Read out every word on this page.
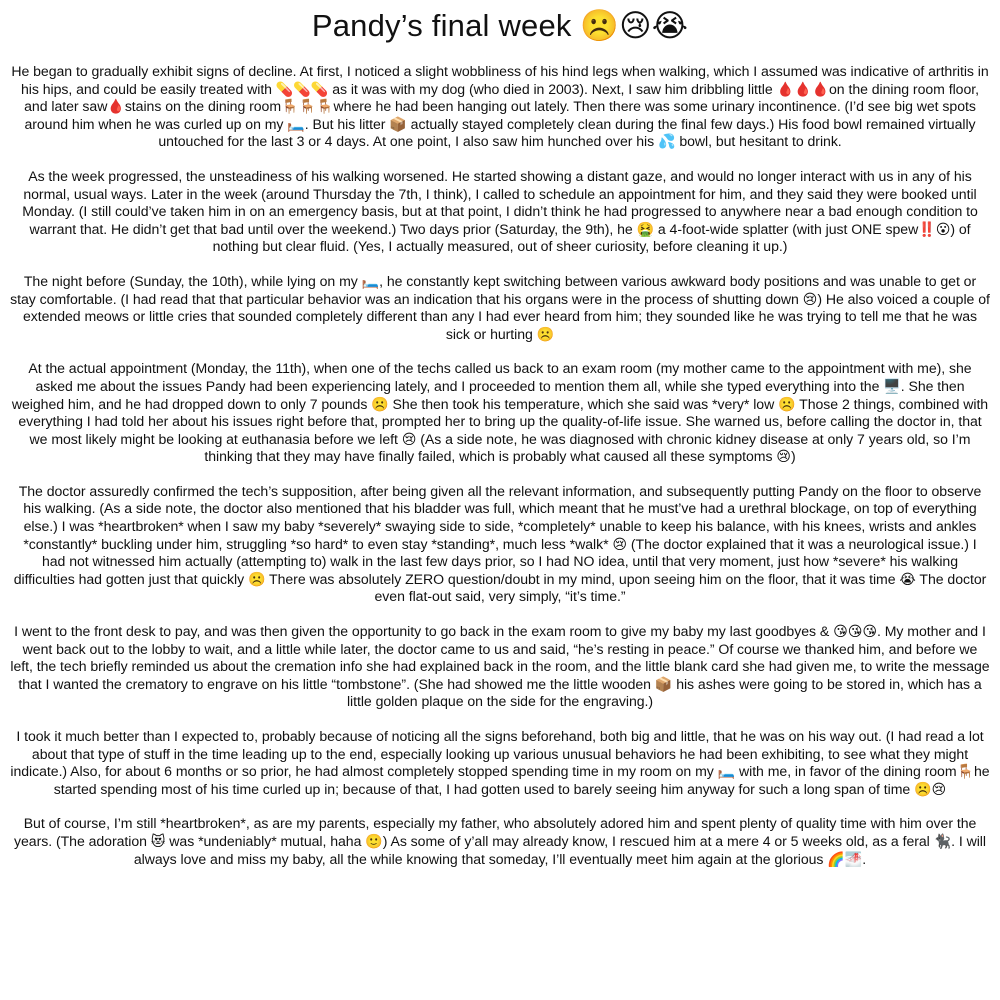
Pandy’s final week ☹️😢😭

He began to gradually exhibit signs of decline. At first, I noticed a slight wobbliness of his hind legs when walking, which I assumed was indicative of arthritis in his hips, and could be easily treated with 💊💊💊 as it was with my dog (who died in 2003). Next, I saw him dribbling little 🩸🩸🩸on the dining room floor, and later saw🩸stains on the dining room🪑🪑🪑where he had been hanging out lately. Then there was some urinary incontinence. (I’d see big wet spots around him when he was curled up on my 🛏️. But his litter 📦 actually stayed completely clean during the final few days.) His food bowl remained virtually untouched for the last 3 or 4 days. At one point, I also saw him hunched over his 💦 bowl, but hesitant to drink.

As the week progressed, the unsteadiness of his walking worsened. He started showing a distant gaze, and would no longer interact with us in any of his normal, usual ways. Later in the week (around Thursday the 7th, I think), I called to schedule an appointment for him, and they said they were booked until Monday. (I still could’ve taken him in on an emergency basis, but at that point, I didn’t think he had progressed to anywhere near a bad enough condition to warrant that. He didn’t get that bad until over the weekend.) Two days prior (Saturday, the 9th), he 🤮 a 4-foot-wide splatter (with just ONE spew‼️😮) of nothing but clear fluid. (Yes, I actually measured, out of sheer curiosity, before cleaning it up.)

The night before (Sunday, the 10th), while lying on my 🛏️, he constantly kept switching between various awkward body positions and was unable to get or stay comfortable. (I had read that that particular behavior was an indication that his organs were in the process of shutting down 😢) He also voiced a couple of extended meows or little cries that sounded completely different than any I had ever heard from him; they sounded like he was trying to tell me that he was sick or hurting ☹️

At the actual appointment (Monday, the 11th), when one of the techs called us back to an exam room (my mother came to the appointment with me), she asked me about the issues Pandy had been experiencing lately, and I proceeded to mention them all, while she typed everything into the 🖥️. She then weighed him, and he had dropped down to only 7 pounds ☹️ She then took his temperature, which she said was *very* low ☹️ Those 2 things, combined with everything I had told her about his issues right before that, prompted her to bring up the quality-of-life issue. She warned us, before calling the doctor in, that we most likely might be looking at euthanasia before we left 😢 (As a side note, he was diagnosed with chronic kidney disease at only 7 years old, so I’m thinking that they may have finally failed, which is probably what caused all these symptoms 😢)

The doctor assuredly confirmed the tech’s supposition, after being given all the relevant information, and subsequently putting Pandy on the floor to observe his walking. (As a side note, the doctor also mentioned that his bladder was full, which meant that he must’ve had a urethral blockage, on top of everything else.) I was *heartbroken* when I saw my baby *severely* swaying side to side, *completely* unable to keep his balance, with his knees, wrists and ankles *constantly* buckling under him, struggling *so hard* to even stay *standing*, much less *walk* 😢 (The doctor explained that it was a neurological issue.) I had not witnessed him actually (attempting to) walk in the last few days prior, so I had NO idea, until that very moment, just how *severe* his walking difficulties had gotten just that quickly ☹️ There was absolutely ZERO question/doubt in my mind, upon seeing him on the floor, that it was time 😭 The doctor even flat-out said, very simply, “it’s time.”

I went to the front desk to pay, and was then given the opportunity to go back in the exam room to give my baby my last goodbyes & 😘😘😘. My mother and I went back out to the lobby to wait, and a little while later, the doctor came to us and said, “he’s resting in peace.” Of course we thanked him, and before we left, the tech briefly reminded us about the cremation info she had explained back in the room, and the little blank card she had given me, to write the message that I wanted the crematory to engrave on his little “tombstone”. (She had showed me the little wooden 📦 his ashes were going to be stored in, which has a little golden plaque on the side for the engraving.)

I took it much better than I expected to, probably because of noticing all the signs beforehand, both big and little, that he was on his way out. (I had read a lot about that type of stuff in the time leading up to the end, especially looking up various unusual behaviors he had been exhibiting, to see what they might indicate.) Also, for about 6 months or so prior, he had almost completely stopped spending time in my room on my 🛏️ with me, in favor of the dining room🪑he started spending most of his time curled up in; because of that, I had gotten used to barely seeing him anyway for such a long span of time ☹️😢

But of course, I’m still *heartbroken*, as are my parents, especially my father, who absolutely adored him and spent plenty of quality time with him over the years. (The adoration 😻 was *undeniably* mutual, haha 🙂) As some of y’all may already know, I rescued him at a mere 4 or 5 weeks old, as a feral 🐈‍⬛. I will always love and miss my baby, all the while knowing that someday, I’ll eventually meet him again at the glorious 🌈🌁.
